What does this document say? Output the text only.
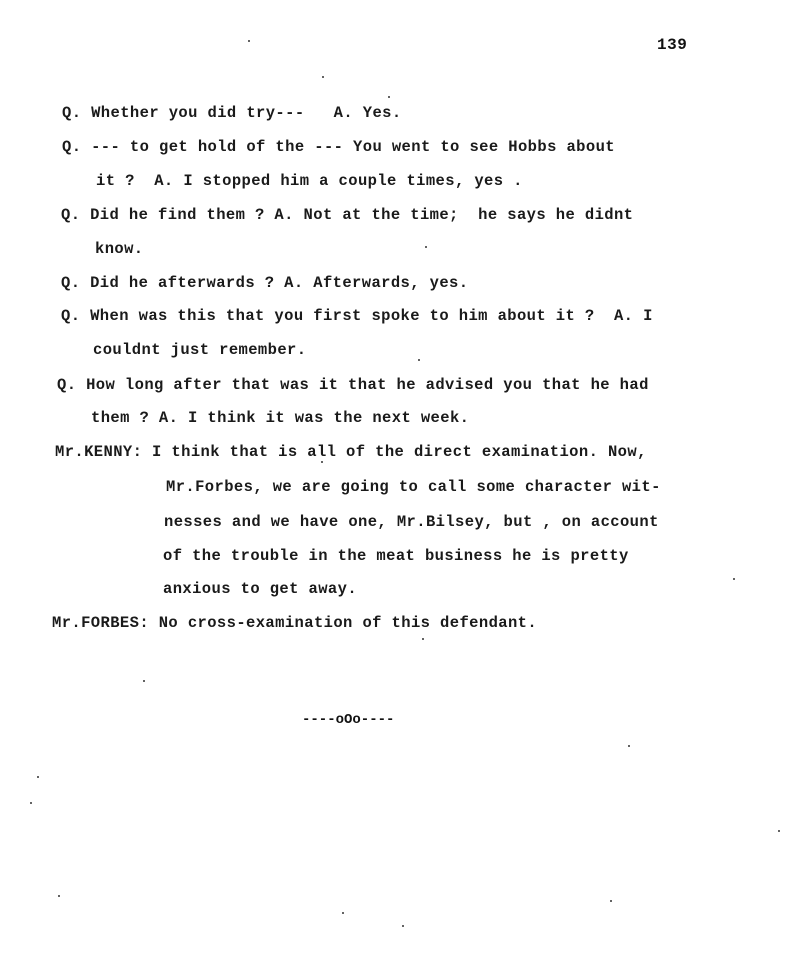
139
Q. Whether you did try---   A. Yes.
Q. --- to get hold of the --- You went to see Hobbs about
it ?  A. I stopped him a couple times, yes .
Q. Did he find them ? A. Not at the time;  he says he didnt
know.
Q. Did he afterwards ? A. Afterwards, yes.
Q. When was this that you first spoke to him about it ?  A. I
couldnt just remember.
Q. How long after that was it that he advised you that he had
them ? A. I think it was the next week.
Mr.KENNY: I think that is all of the direct examination. Now,
Mr.Forbes, we are going to call some character wit-
nesses and we have one, Mr.Bilsey, but , on account
of the trouble in the meat business he is pretty
anxious to get away.
Mr.FORBES: No cross-examination of this defendant.
----oOo----
